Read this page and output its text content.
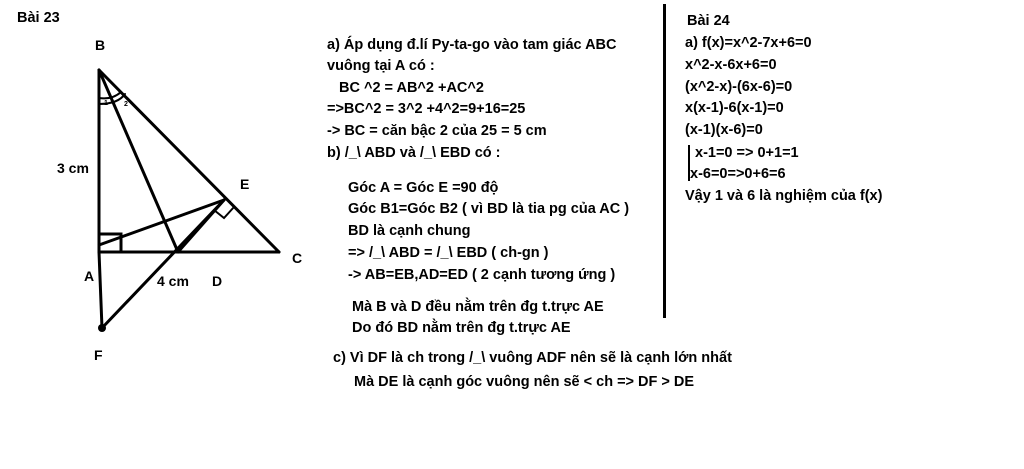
Bài 23
B
3 cm
E
C
A	4 cm D
F
1 2
a) Áp dụng đ.lí Py-ta-go vào tam giác ABC
vuông tại A có :
BC ^2 = AB^2 +AC^2
=>BC^2 = 3^2 +4^2=9+16=25
-> BC = căn bậc 2 của 25 = 5 cm
b) /_\ ABD và /_\ EBD có :
Góc A = Góc E =90 độ
Góc B1=Góc B2 ( vì BD là tia pg của AC )
BD là cạnh chung
=> /_\ ABD = /_\ EBD ( ch-gn )
-> AB=EB,AD=ED ( 2 cạnh tương ứng )
Mà B và D đều nằm trên đg t.trực AE
Do đó BD nằm trên đg t.trực AE
c) Vì DF là ch trong /_\ vuông ADF nên sẽ là cạnh lớn nhất
Mà DE là cạnh góc vuông nên sẽ < ch => DF > DE
Bài 24
a) f(x)=x^2-7x+6=0
x^2-x-6x+6=0
(x^2-x)-(6x-6)=0
x(x-1)-6(x-1)=0
(x-1)(x-6)=0
x-1=0 => 0+1=1
x-6=0=>0+6=6
Vậy 1 và 6 là nghiệm của f(x)
